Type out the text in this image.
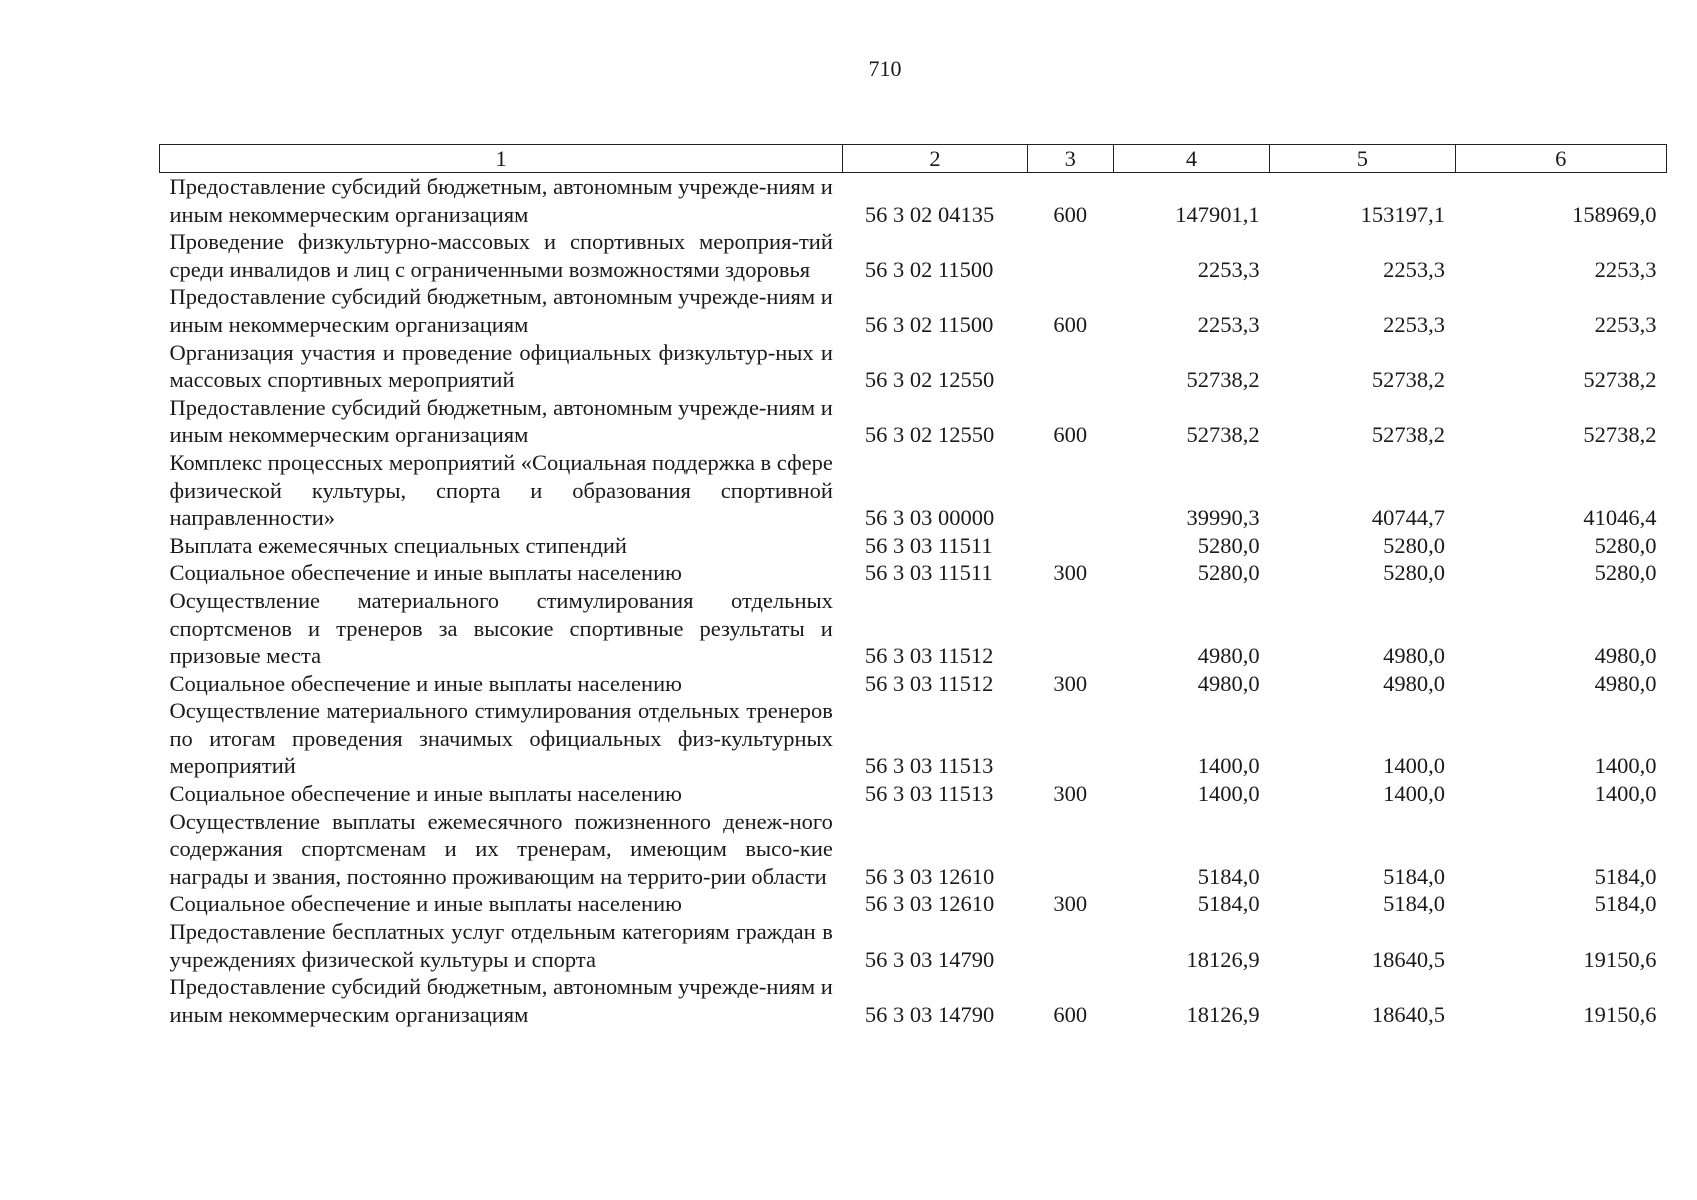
710
1	2	3	4	5	6
Предоставление субсидий бюджетным, автономным учрежде-ниям и иным некоммерческим организациям	56 3 02 04135	600	147901,1	153197,1	158969,0
Проведение физкультурно-массовых и спортивных мероприя-тий среди инвалидов и лиц с ограниченными возможностями здоровья	56 3 02 11500		2253,3	2253,3	2253,3
Предоставление субсидий бюджетным, автономным учрежде-ниям и иным некоммерческим организациям	56 3 02 11500	600	2253,3	2253,3	2253,3
Организация участия и проведение официальных физкультур-ных и массовых спортивных мероприятий	56 3 02 12550		52738,2	52738,2	52738,2
Предоставление субсидий бюджетным, автономным учрежде-ниям и иным некоммерческим организациям	56 3 02 12550	600	52738,2	52738,2	52738,2
Комплекс процессных мероприятий «Социальная поддержка в сфере физической культуры, спорта и образования спортивной направленности»	56 3 03 00000		39990,3	40744,7	41046,4
Выплата ежемесячных специальных стипендий	56 3 03 11511		5280,0	5280,0	5280,0
Социальное обеспечение и иные выплаты населению	56 3 03 11511	300	5280,0	5280,0	5280,0
Осуществление материального стимулирования отдельных спортсменов и тренеров за высокие спортивные результаты и призовые места	56 3 03 11512		4980,0	4980,0	4980,0
Социальное обеспечение и иные выплаты населению	56 3 03 11512	300	4980,0	4980,0	4980,0
Осуществление материального стимулирования отдельных тренеров по итогам проведения значимых официальных физ-культурных мероприятий	56 3 03 11513		1400,0	1400,0	1400,0
Социальное обеспечение и иные выплаты населению	56 3 03 11513	300	1400,0	1400,0	1400,0
Осуществление выплаты ежемесячного пожизненного денеж-ного содержания спортсменам и их тренерам, имеющим высо-кие награды и звания, постоянно проживающим на террито-рии области	56 3 03 12610		5184,0	5184,0	5184,0
Социальное обеспечение и иные выплаты населению	56 3 03 12610	300	5184,0	5184,0	5184,0
Предоставление бесплатных услуг отдельным категориям граждан в учреждениях физической культуры и спорта	56 3 03 14790		18126,9	18640,5	19150,6
Предоставление субсидий бюджетным, автономным учрежде-ниям и иным некоммерческим организациям	56 3 03 14790	600	18126,9	18640,5	19150,6
